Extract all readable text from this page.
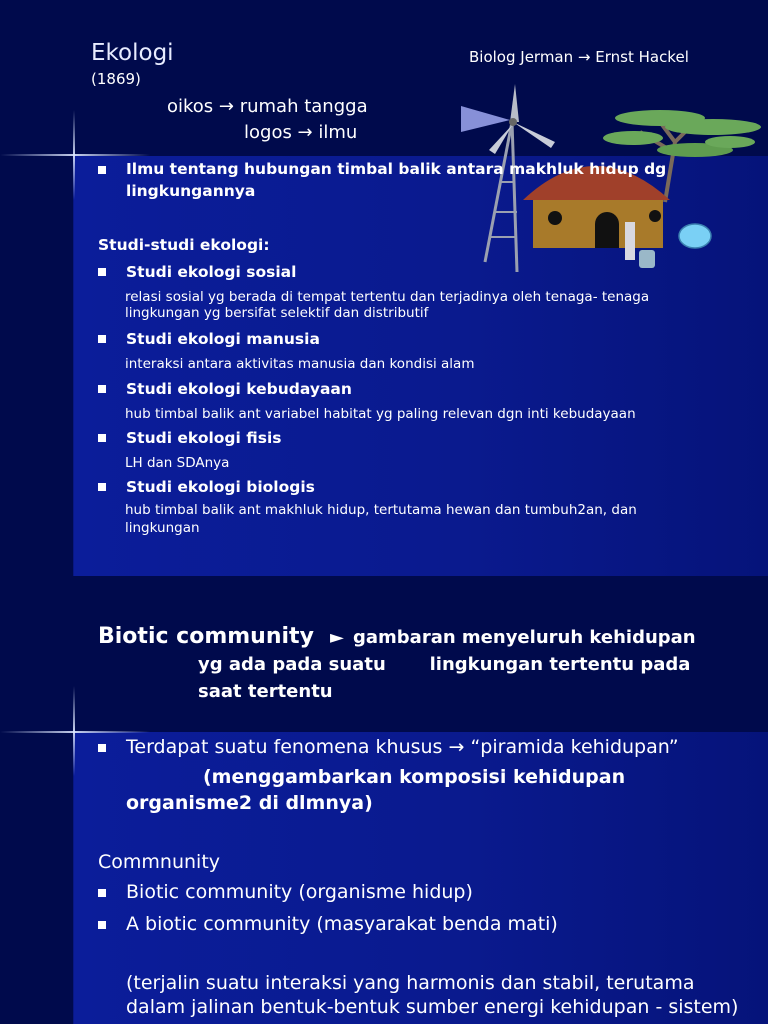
Ekologi
(1869)
Biolog Jerman → Ernst Hackel
oikos → rumah tangga
logos → ilmu
Ilmu tentang hubungan timbal balik antara makhluk hidup dg
lingkungannya
Studi-studi ekologi:
Studi ekologi sosial
relasi sosial yg berada di tempat tertentu dan terjadinya oleh tenaga- tenaga
lingkungan yg bersifat selektif dan distributif
Studi ekologi manusia
interaksi antara aktivitas manusia dan kondisi alam
Studi ekologi kebudayaan
hub timbal balik ant variabel habitat yg paling relevan dgn inti kebudayaan
Studi ekologi fisis
LH dan SDAnya
Studi ekologi biologis
hub timbal balik ant makhluk hidup, tertutama hewan dan tumbuh2an, dan
lingkungan
Biotic community ► gambaran menyeluruh kehidupan
yg ada pada suatu       lingkungan tertentu pada
saat tertentu
Terdapat suatu fenomena khusus → “piramida kehidupan”
(menggambarkan komposisi kehidupan
organisme2 di dlmnya)
Commnunity
Biotic community (organisme hidup)
A biotic community (masyarakat benda mati)
(terjalin suatu interaksi yang harmonis dan stabil, terutama
dalam jalinan bentuk-bentuk sumber energi kehidupan - sistem)
